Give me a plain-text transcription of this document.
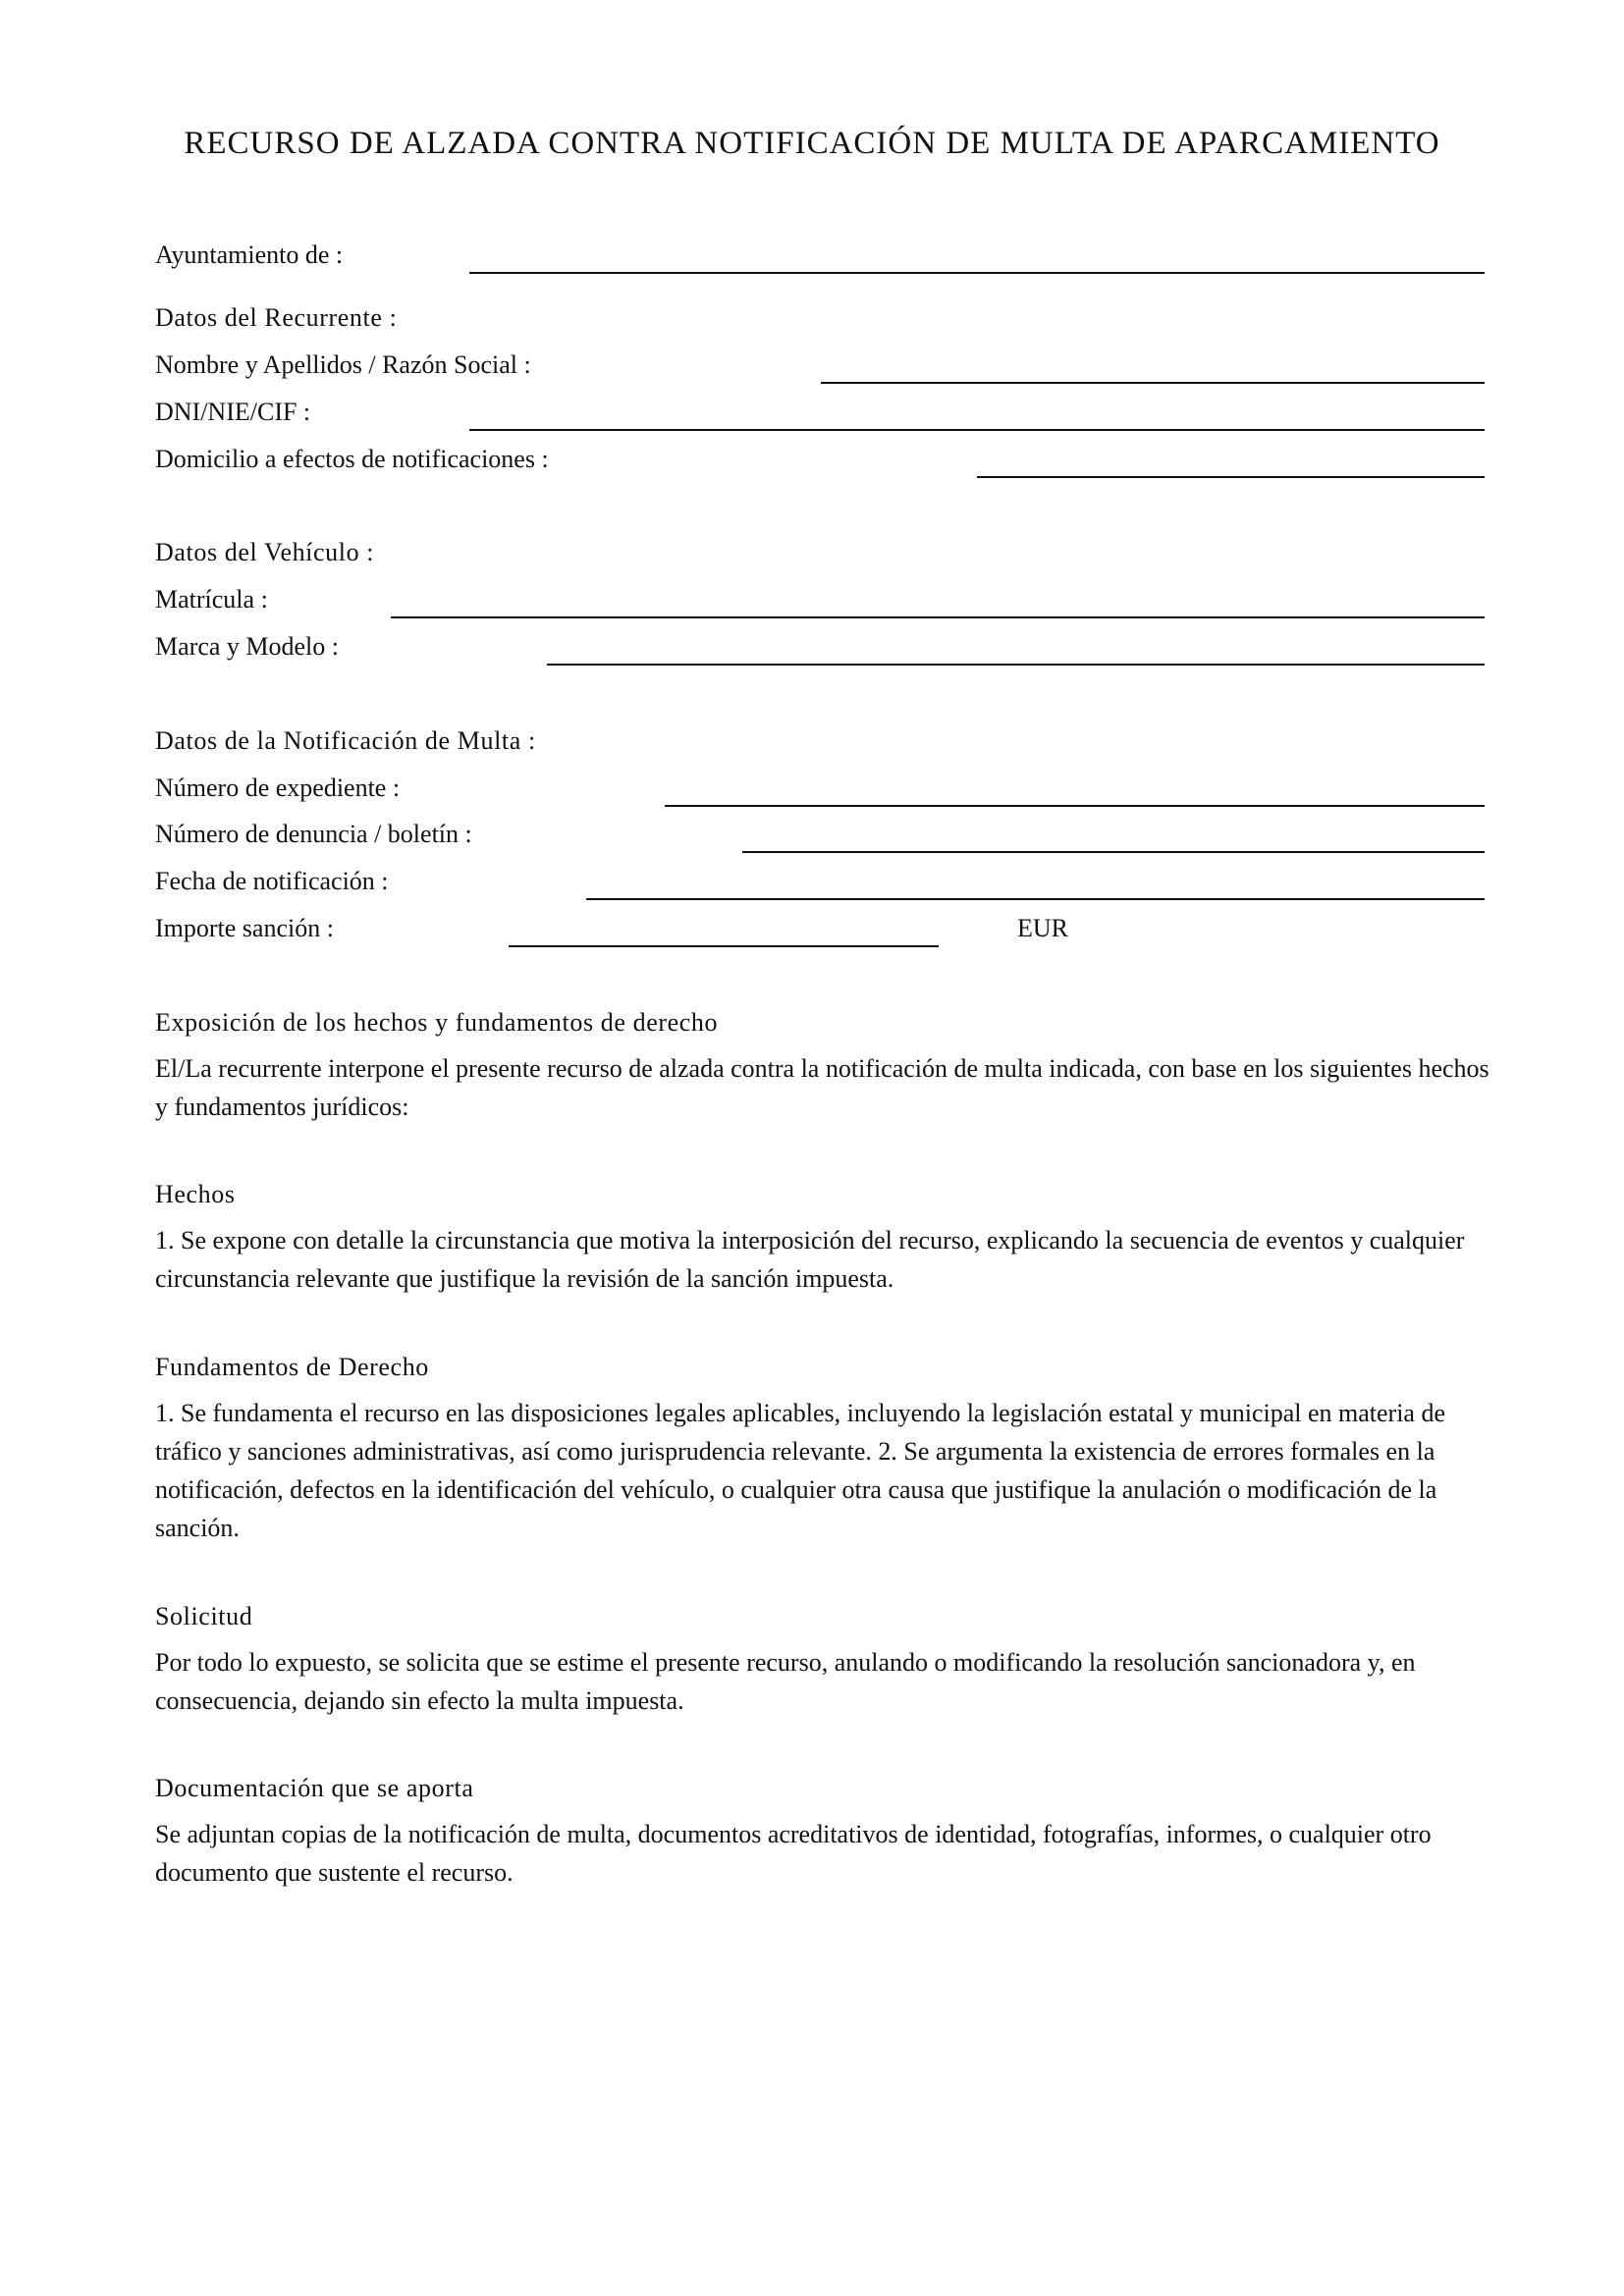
RECURSO DE ALZADA CONTRA NOTIFICACIÓN DE MULTA DE APARCAMIENTO
Ayuntamiento de :
Datos del Recurrente :
Nombre y Apellidos / Razón Social :
DNI/NIE/CIF :
Domicilio a efectos de notificaciones :
Datos del Vehículo :
Matrícula :
Marca y Modelo :
Datos de la Notificación de Multa :
Número de expediente :
Número de denuncia / boletín :
Fecha de notificación :
Importe sanción :	EUR
Exposición de los hechos y fundamentos de derecho
El/La recurrente interpone el presente recurso de alzada contra la notificación de multa indicada, con base en los siguientes hechos y fundamentos jurídicos:
Hechos
1. Se expone con detalle la circunstancia que motiva la interposición del recurso, explicando la secuencia de eventos y cualquier circunstancia relevante que justifique la revisión de la sanción impuesta.
Fundamentos de Derecho
1. Se fundamenta el recurso en las disposiciones legales aplicables, incluyendo la legislación estatal y municipal en materia de tráfico y sanciones administrativas, así como jurisprudencia relevante. 2. Se argumenta la existencia de errores formales en la notificación, defectos en la identificación del vehículo, o cualquier otra causa que justifique la anulación o modificación de la sanción.
Solicitud
Por todo lo expuesto, se solicita que se estime el presente recurso, anulando o modificando la resolución sancionadora y, en consecuencia, dejando sin efecto la multa impuesta.
Documentación que se aporta
Se adjuntan copias de la notificación de multa, documentos acreditativos de identidad, fotografías, informes, o cualquier otro documento que sustente el recurso.
